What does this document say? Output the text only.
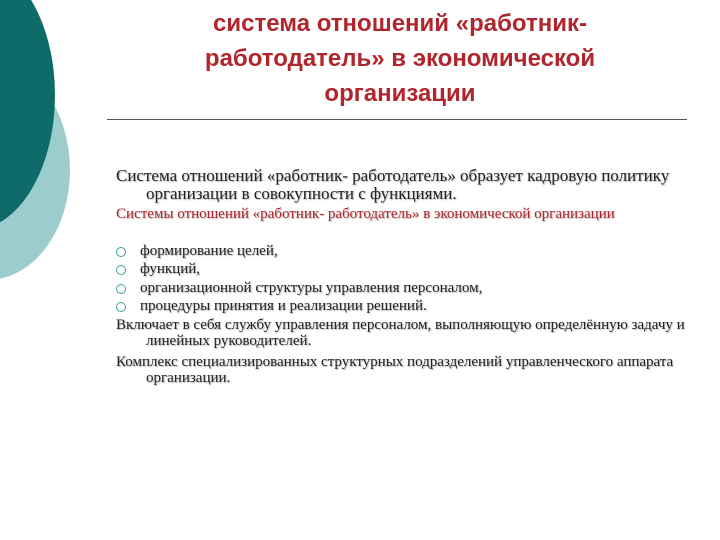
система отношений «работник-работодатель» в экономической организации

Система отношений «работник- работодатель» образует кадровую политику организации в совокупности с функциями.

Системы отношений «работник- работодатель» в экономической организации

формирование целей,
функций,
организационной структуры управления персоналом,
процедуры принятия и реализации решений.

Включает в себя службу управления персоналом, выполняющую определённую задачу и линейных руководителей.

Комплекс специализированных структурных подразделений управленческого аппарата организации.
